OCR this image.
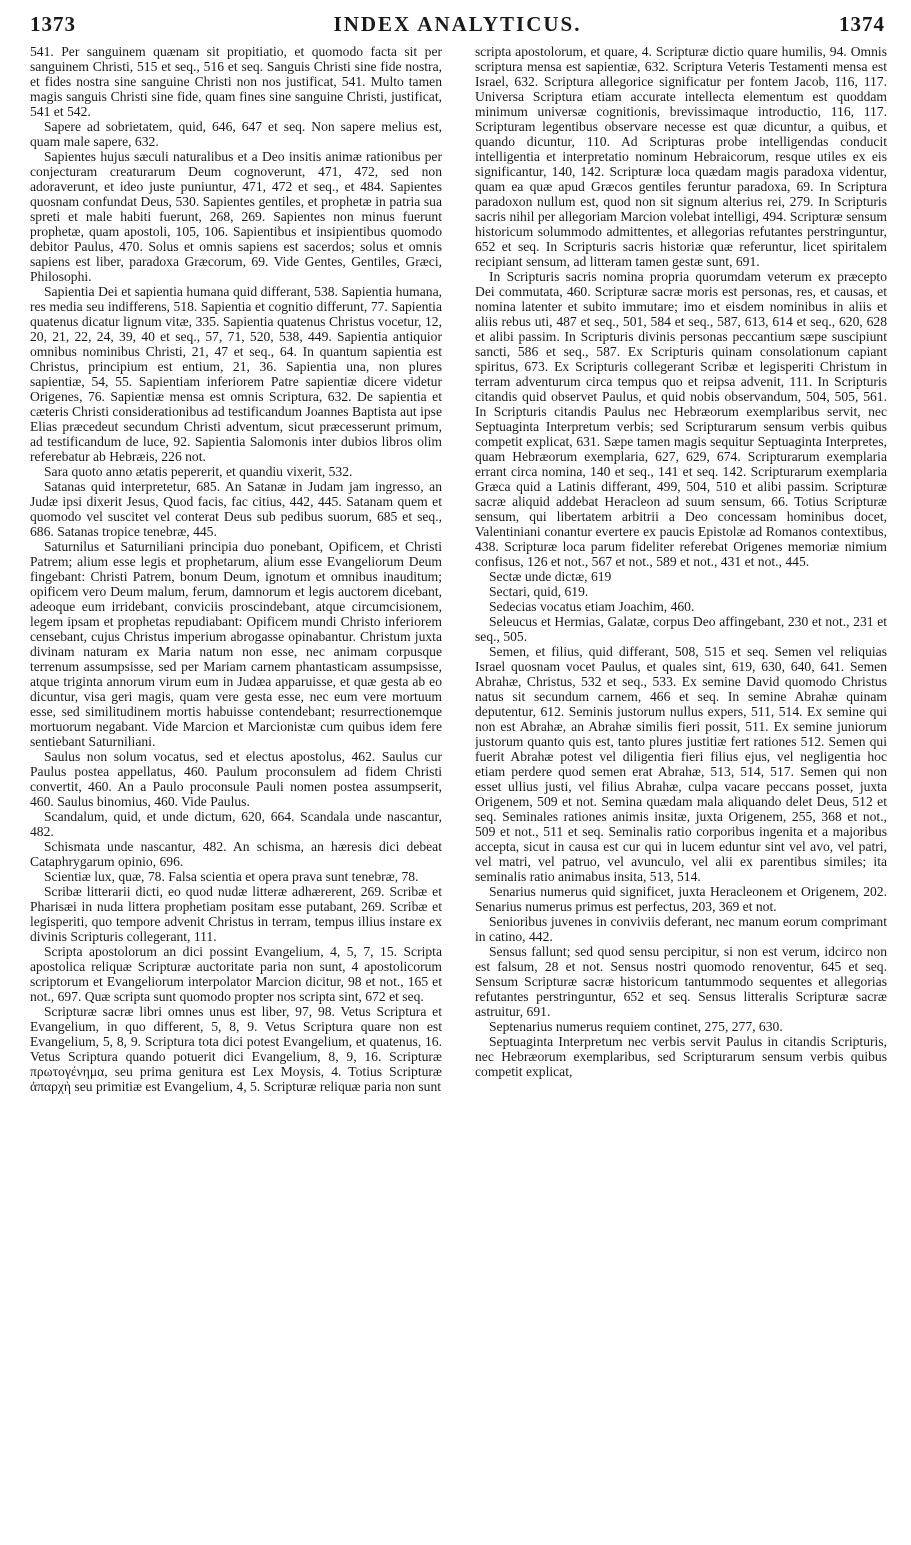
1373	INDEX ANALYTICUS.	1374

541. Per sanguinem quænam sit propitiatio, et quomodo facta sit per sanguinem Christi, 515 et seq., 516 et seq. Sanguis Christi sine fide nostra, et fides nostra sine sanguine Christi non nos justificat, 541. Multo tamen magis sanguis Christi sine fide, quam fines sine sanguine Christi, justificat, 541 et 542.

Sapere ad sobrietatem, quid, 646, 647 et seq. Non sapere melius est, quam male sapere, 632.

Sapientes hujus sæculi naturalibus et a Deo insitis animæ rationibus per conjecturam creaturarum Deum cognoverunt, 471, 472, sed non adoraverunt, et ideo juste puniuntur, 471, 472 et seq., et 484. Sapientes quosnam confundat Deus, 530. Sapientes gentiles, et prophetæ in patria sua spreti et male habiti fuerunt, 268, 269. Sapientes non minus fuerunt prophetæ, quam apostoli, 105, 106. Sapientibus et insipientibus quomodo debitor Paulus, 470. Solus et omnis sapiens est sacerdos; solus et omnis sapiens est liber, paradoxa Græcorum, 69. Vide Gentes, Gentiles, Græci, Philosophi.

Sapientia Dei et sapientia humana quid differant, 538. Sapientia humana, res media seu indifferens, 518. Sapientia et cognitio differunt, 77. Sapientia quatenus dicatur lignum vitæ, 335. Sapientia quatenus Christus vocetur, 12, 20, 21, 22, 24, 39, 40 et seq., 57, 71, 520, 538, 449. Sapientia antiquior omnibus nominibus Christi, 21, 47 et seq., 64. In quantum sapientia est Christus, principium est entium, 21, 36. Sapientia una, non plures sapientiæ, 54, 55. Sapientiam inferiorem Patre sapientiæ dicere videtur Origenes, 76. Sapientiæ mensa est omnis Scriptura, 632. De sapientia et cæteris Christi considerationibus ad testificandum Joannes Baptista aut ipse Elias præcedeut secundum Christi adventum, sicut præcesserunt primum, ad testificandum de luce, 92. Sapientia Salomonis inter dubios libros olim referebatur ab Hebræis, 226 not.

Sara quoto anno ætatis pepererit, et quandiu vixerit, 532.

Satanas quid interpretetur, 685. An Satanæ in Judam jam ingresso, an Judæ ipsi dixerit Jesus, Quod facis, fac citius, 442, 445. Satanam quem et quomodo vel suscitet vel conterat Deus sub pedibus suorum, 685 et seq., 686. Satanas tropice tenebræ, 445.

Saturnilus et Saturniliani principia duo ponebant, Opificem, et Christi Patrem; alium esse legis et prophetarum, alium esse Evangeliorum Deum fingebant: Christi Patrem, bonum Deum, ignotum et omnibus inauditum; opificem vero Deum malum, ferum, damnorum et legis auctorem dicebant, adeoque eum irridebant, conviciis proscindebant, atque circumcisionem, legem ipsam et prophetas repudiabant: Opificem mundi Christo inferiorem censebant, cujus Christus imperium abrogasse opinabantur. Christum juxta divinam naturam ex Maria natum non esse, nec animam corpusque terrenum assumpsisse, sed per Mariam carnem phantasticam assumpsisse, atque triginta annorum virum eum in Judæa apparuisse, et quæ gesta ab eo dicuntur, visa geri magis, quam vere gesta esse, nec eum vere mortuum esse, sed similitudinem mortis habuisse contendebant; resurrectionemque mortuorum negabant. Vide Marcion et Marcionistæ cum quibus idem fere sentiebant Saturniliani.

Saulus non solum vocatus, sed et electus apostolus, 462. Saulus cur Paulus postea appellatus, 460. Paulum proconsulem ad fidem Christi convertit, 460. An a Paulo proconsule Pauli nomen postea assumpserit, 460. Saulus binomius, 460. Vide Paulus.

Scandalum, quid, et unde dictum, 620, 664. Scandala unde nascantur, 482.

Schismata unde nascantur, 482. An schisma, an hæresis dici debeat Cataphrygarum opinio, 696.

Scientiæ lux, quæ, 78. Falsa scientia et opera prava sunt tenebræ, 78.

Scribæ litterarii dicti, eo quod nudæ litteræ adhærerent, 269. Scribæ et Pharisæi in nuda littera prophetiam positam esse putabant, 269. Scribæ et legisperiti, quo tempore advenit Christus in terram, tempus illius instare ex divinis Scripturis collegerant, 111.

Scripta apostolorum an dici possint Evangelium, 4, 5, 7, 15. Scripta apostolica reliquæ Scripturæ auctoritate paria non sunt, 4 apostolicorum scriptorum et Evangeliorum interpolator Marcion dicitur, 98 et not., 165 et not., 697. Quæ scripta sunt quomodo propter nos scripta sint, 672 et seq.

Scripturæ sacræ libri omnes unus est liber, 97, 98. Vetus Scriptura et Evangelium, in quo different, 5, 8, 9. Vetus Scriptura quare non est Evangelium, 5, 8, 9. Scriptura tota dici potest Evangelium, et quatenus, 16. Vetus Scriptura quando potuerit dici Evangelium, 8, 9, 16. Scripturæ πρωτογένημα, seu prima genitura est Lex Moysis, 4. Totius Scripturæ ἀπαρχὴ seu primitiæ est Evangelium, 4, 5. Scripturæ reliquæ paria non sunt

scripta apostolorum, et quare, 4. Scripturæ dictio quare humilis, 94. Omnis scriptura mensa est sapientiæ, 632. Scriptura Veteris Testamenti mensa est Israel, 632. Scriptura allegorice significatur per fontem Jacob, 116, 117. Universa Scriptura etiam accurate intellecta elementum est quoddam minimum universæ cognitionis, brevissimaque introductio, 116, 117. Scripturam legentibus observare necesse est quæ dicuntur, a quibus, et quando dicuntur, 110. Ad Scripturas probe intelligendas conducit intelligentia et interpretatio nominum Hebraicorum, resque utiles ex eis significantur, 140, 142. Scripturæ loca quædam magis paradoxa videntur, quam ea quæ apud Græcos gentiles feruntur paradoxa, 69. In Scriptura paradoxon nullum est, quod non sit signum alterius rei, 279. In Scripturis sacris nihil per allegoriam Marcion volebat intelligi, 494. Scripturæ sensum historicum solummodo admittentes, et allegorias refutantes perstringuntur, 652 et seq. In Scripturis sacris historiæ quæ referuntur, licet spiritalem recipiant sensum, ad litteram tamen gestæ sunt, 691.

In Scripturis sacris nomina propria quorumdam veterum ex præcepto Dei commutata, 460. Scripturæ sacræ moris est personas, res, et causas, et nomina latenter et subito immutare; imo et eisdem nominibus in aliis et aliis rebus uti, 487 et seq., 501, 584 et seq., 587, 613, 614 et seq., 620, 628 et alibi passim. In Scripturis divinis personas peccantium sæpe suscipiunt sancti, 586 et seq., 587. Ex Scripturis quinam consolationum capiant spiritus, 673. Ex Scripturis collegerant Scribæ et legisperiti Christum in terram adventurum circa tempus quo et reipsa advenit, 111. In Scripturis citandis quid observet Paulus, et quid nobis observandum, 504, 505, 561. In Scripturis citandis Paulus nec Hebræorum exemplaribus servit, nec Septuaginta Interpretum verbis; sed Scripturarum sensum verbis quibus competit explicat, 631. Sæpe tamen magis sequitur Septuaginta Interpretes, quam Hebræorum exemplaria, 627, 629, 674. Scripturarum exemplaria errant circa nomina, 140 et seq., 141 et seq. 142. Scripturarum exemplaria Græca quid a Latinis differant, 499, 504, 510 et alibi passim. Scripturæ sacræ aliquid addebat Heracleon ad suum sensum, 66. Totius Scripturæ sensum, qui libertatem arbitrii a Deo concessam hominibus docet, Valentiniani conantur evertere ex paucis Epistolæ ad Romanos contextibus, 438. Scripturæ loca parum fideliter referebat Origenes memoriæ nimium confisus, 126 et not., 567 et not., 589 et not., 431 et not., 445.

Sectæ unde dictæ, 619

Sectari, quid, 619.

Sedecias vocatus etiam Joachim, 460.

Seleucus et Hermias, Galatæ, corpus Deo affingebant, 230 et not., 231 et seq., 505.

Semen, et filius, quid differant, 508, 515 et seq. Semen vel reliquias Israel quosnam vocet Paulus, et quales sint, 619, 630, 640, 641. Semen Abrahæ, Christus, 532 et seq., 533. Ex semine David quomodo Christus natus sit secundum carnem, 466 et seq. In semine Abrahæ quinam deputentur, 612. Seminis justorum nullus expers, 511, 514. Ex semine qui non est Abrahæ, an Abrahæ similis fieri possit, 511. Ex semine juniorum justorum quanto quis est, tanto plures justitiæ fert rationes 512. Semen qui fuerit Abrahæ potest vel diligentia fieri filius ejus, vel negligentia hoc etiam perdere quod semen erat Abrahæ, 513, 514, 517. Semen qui non esset ullius justi, vel filius Abrahæ, culpa vacare peccans posset, juxta Origenem, 509 et not. Semina quædam mala aliquando delet Deus, 512 et seq. Seminales rationes animis insitæ, juxta Origenem, 255, 368 et not., 509 et not., 511 et seq. Seminalis ratio corporibus ingenita et a majoribus accepta, sicut in causa est cur qui in lucem eduntur sint vel avo, vel patri, vel matri, vel patruo, vel avunculo, vel alii ex parentibus similes; ita seminalis ratio animabus insita, 513, 514.

Senarius numerus quid significet, juxta Heracleonem et Origenem, 202. Senarius numerus primus est perfectus, 203, 369 et not.

Senioribus juvenes in conviviis deferant, nec manum eorum comprimant in catino, 442.

Sensus fallunt; sed quod sensu percipitur, si non est verum, idcirco non est falsum, 28 et not. Sensus nostri quomodo renoventur, 645 et seq. Sensum Scripturæ sacræ historicum tantummodo sequentes et allegorias refutantes perstringuntur, 652 et seq. Sensus litteralis Scripturæ sacræ astruitur, 691.

Septenarius numerus requiem continet, 275, 277, 630.

Septuaginta Interpretum nec verbis servit Paulus in citandis Scripturis, nec Hebræorum exemplaribus, sed Scripturarum sensum verbis quibus competit explicat,
